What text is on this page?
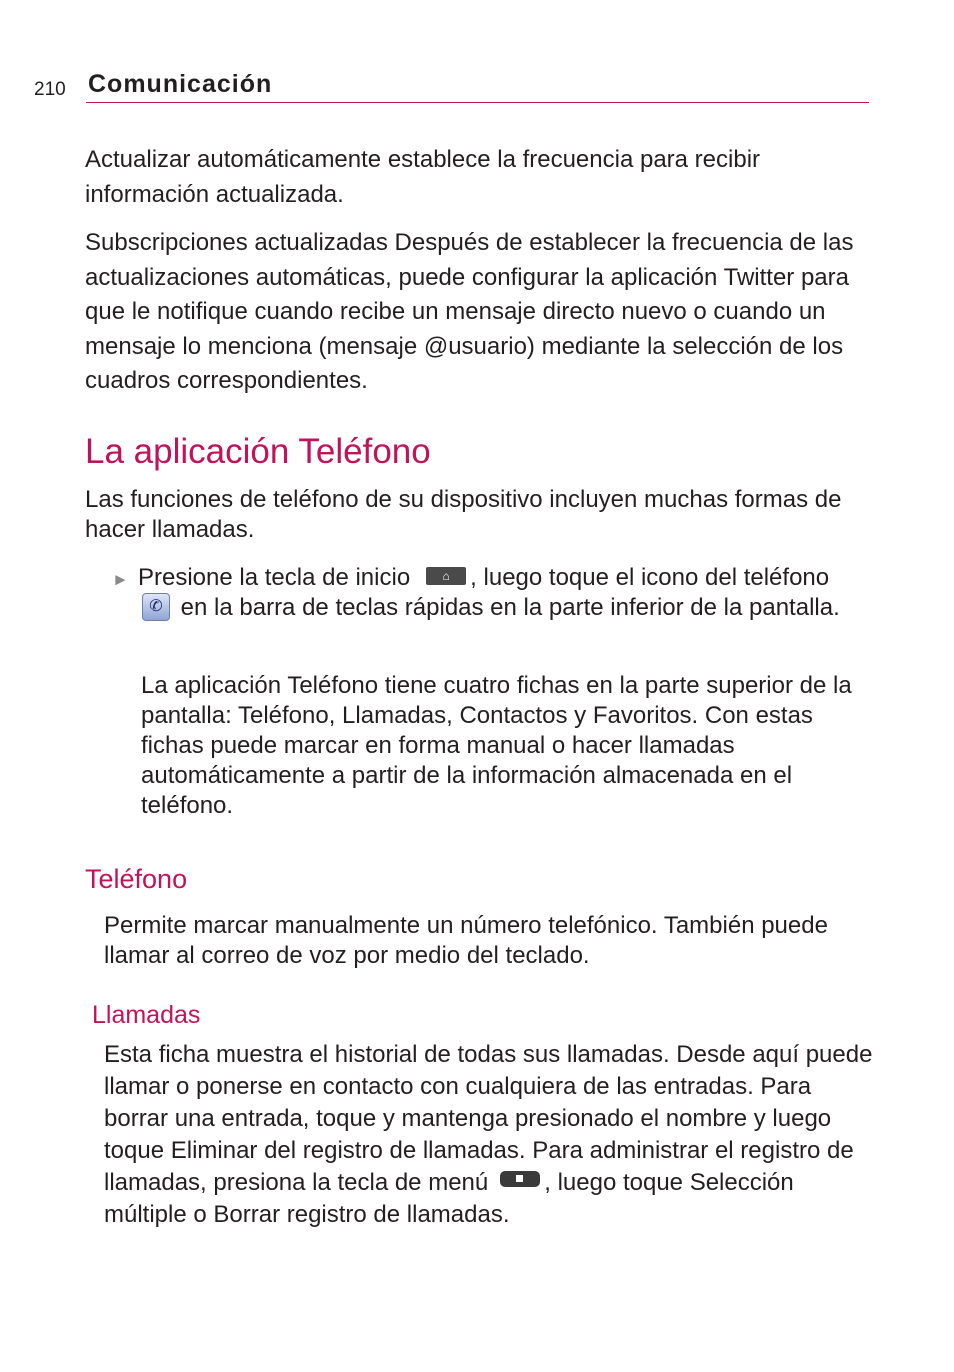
210 Comunicación
Actualizar automáticamente establece la frecuencia para recibir información actualizada.
Subscripciones actualizadas Después de establecer la frecuencia de las actualizaciones automáticas, puede configurar la aplicación Twitter para que le notifique cuando recibe un mensaje directo nuevo o cuando un mensaje lo menciona (mensaje @usuario) mediante la selección de los cuadros correspondientes.
La aplicación Teléfono
Las funciones de teléfono de su dispositivo incluyen muchas formas de hacer llamadas.
► Presione la tecla de inicio	⌂ , luego toque el icono del teléfono
✆ en la barra de teclas rápidas en la parte inferior de la pantalla.
La aplicación Teléfono tiene cuatro fichas en la parte superior de la pantalla: Teléfono, Llamadas, Contactos y Favoritos. Con estas fichas puede marcar en forma manual o hacer llamadas automáticamente a partir de la información almacenada en el teléfono.
Teléfono
Permite marcar manualmente un número telefónico. También puede llamar al correo de voz por medio del teclado.
Llamadas
Esta ficha muestra el historial de todas sus llamadas. Desde aquí puede llamar o ponerse en contacto con cualquiera de las entradas. Para borrar una entrada, toque y mantenga presionado el nombre y luego toque Eliminar del registro de llamadas. Para administrar el registro de llamadas, presiona la tecla de menú , luego toque Selección múltiple o Borrar registro de llamadas.
